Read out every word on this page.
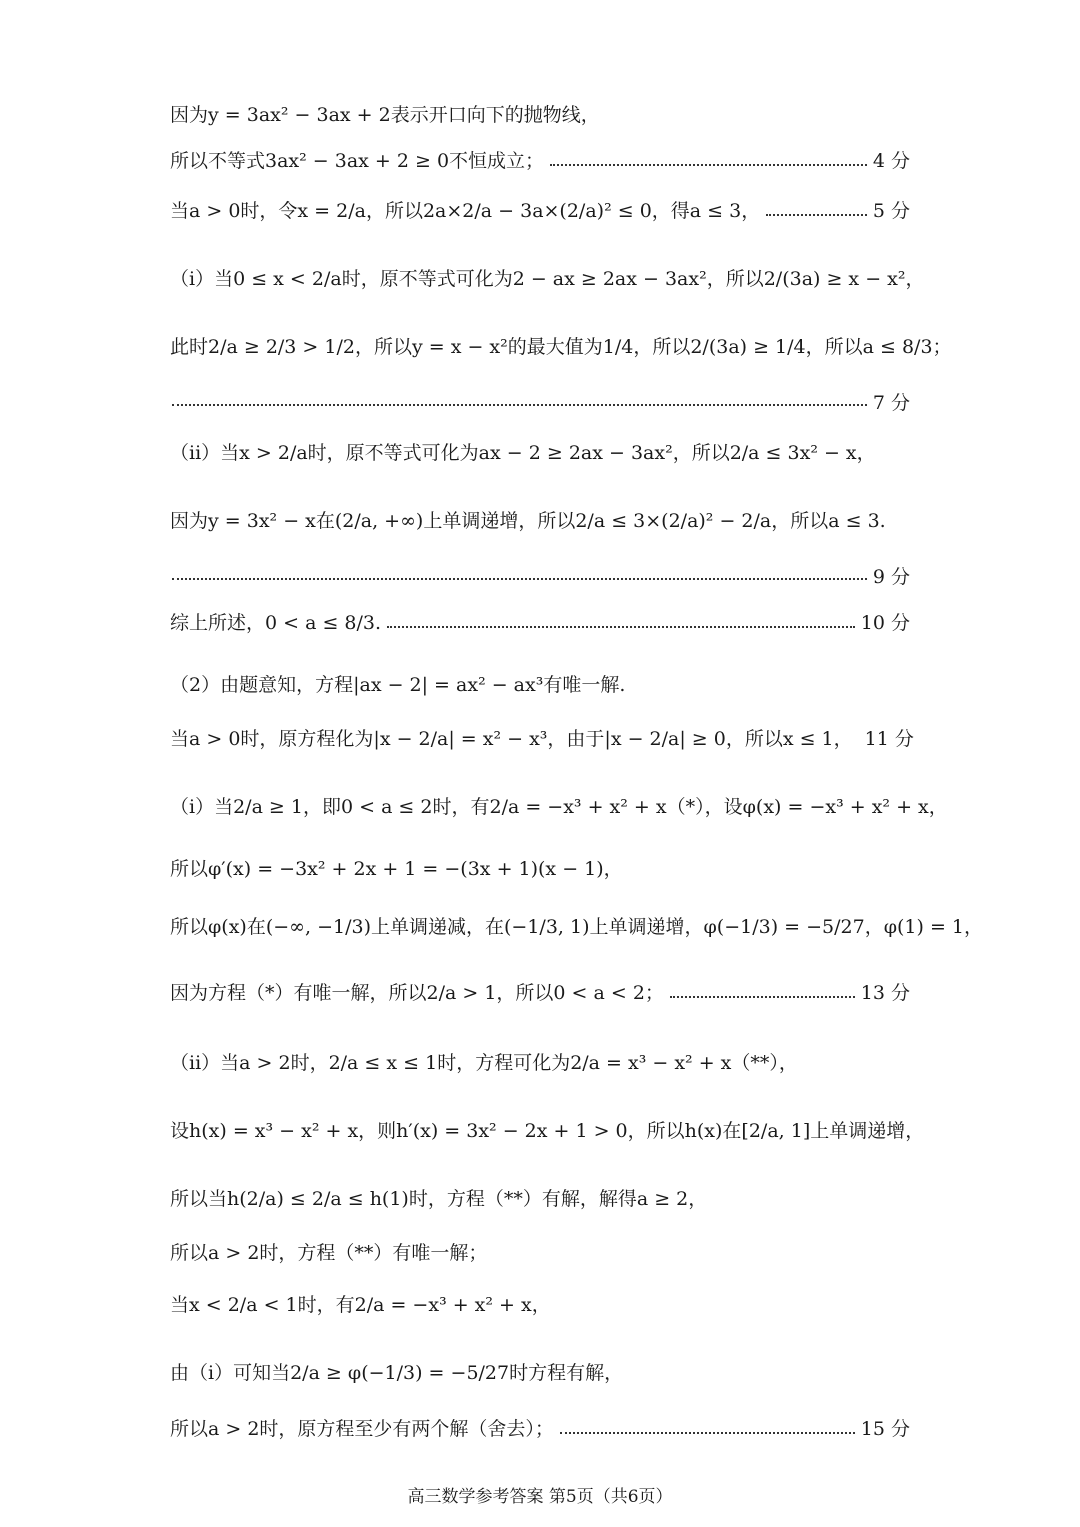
因为y = 3ax² − 3ax + 2表示开口向下的抛物线，
所以不等式3ax² − 3ax + 2 ≥ 0不恒成立；	4 分
当a > 0时，令x = 2/a，所以2a×2/a − 3a×(2/a)² ≤ 0，得a ≤ 3，	5 分
（i）当0 ≤ x < 2/a时，原不等式可化为2 − ax ≥ 2ax − 3ax²，所以2/(3a) ≥ x − x²，
此时2/a ≥ 2/3 > 1/2，所以y = x − x²的最大值为1/4，所以2/(3a) ≥ 1/4，所以a ≤ 8/3；
7 分
（ii）当x > 2/a时，原不等式可化为ax − 2 ≥ 2ax − 3ax²，所以2/a ≤ 3x² − x，
因为y = 3x² − x在(2/a, +∞)上单调递增，所以2/a ≤ 3×(2/a)² − 2/a，所以a ≤ 3.
9 分
综上所述，0 < a ≤ 8/3.	10 分
（2）由题意知，方程|ax − 2| = ax² − ax³有唯一解.
当a > 0时，原方程化为|x − 2/a| = x² − x³，由于|x − 2/a| ≥ 0，所以x ≤ 1， 11 分
（i）当2/a ≥ 1，即0 < a ≤ 2时，有2/a = −x³ + x² + x（*），设φ(x) = −x³ + x² + x，
所以φ′(x) = −3x² + 2x + 1 = −(3x + 1)(x − 1)，
所以φ(x)在(−∞, −1/3)上单调递减，在(−1/3, 1)上单调递增，φ(−1/3) = −5/27，φ(1) = 1，
因为方程（*）有唯一解，所以2/a > 1，所以0 < a < 2；	13 分
（ii）当a > 2时，2/a ≤ x ≤ 1时，方程可化为2/a = x³ − x² + x（**），
设h(x) = x³ − x² + x，则h′(x) = 3x² − 2x + 1 > 0，所以h(x)在[2/a, 1]上单调递增，
所以当h(2/a) ≤ 2/a ≤ h(1)时，方程（**）有解，解得a ≥ 2，
所以a > 2时，方程（**）有唯一解；
当x < 2/a < 1时，有2/a = −x³ + x² + x，
由（i）可知当2/a ≥ φ(−1/3) = −5/27时方程有解，
所以a > 2时，原方程至少有两个解（舍去）；	15 分
高三数学参考答案 第5页（共6页）
